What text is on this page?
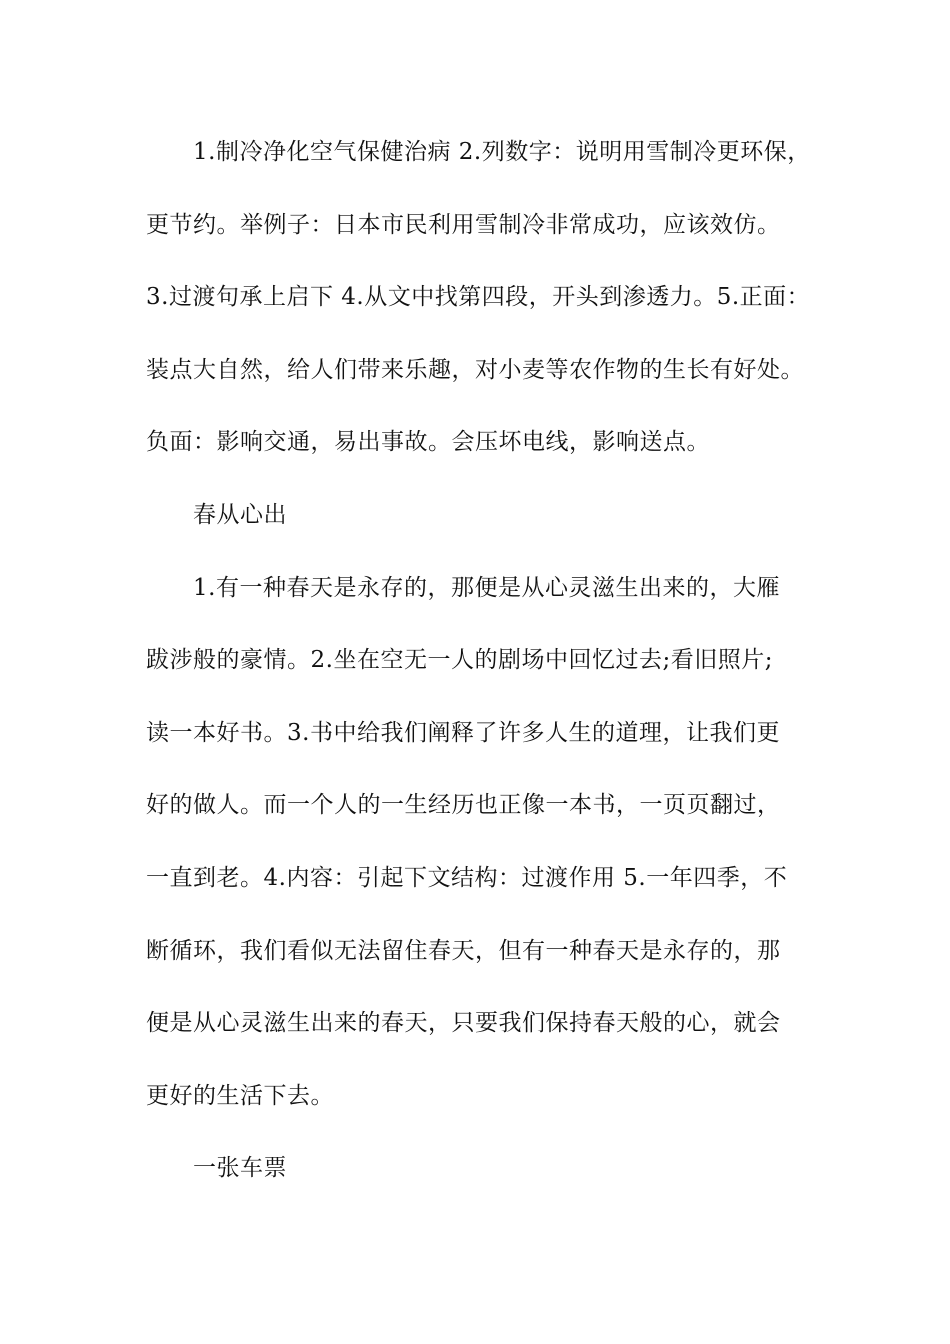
1.制冷净化空气保健治病 2.列数字：说明用雪制冷更环保，
更节约。举例子：日本市民利用雪制冷非常成功，应该效仿。
3.过渡句承上启下 4.从文中找第四段，开头到渗透力。5.正面：
装点大自然，给人们带来乐趣，对小麦等农作物的生长有好处。
负面：影响交通，易出事故。会压坏电线，影响送点。
春从心出
1.有一种春天是永存的，那便是从心灵滋生出来的，大雁
跋涉般的豪情。2.坐在空无一人的剧场中回忆过去;看旧照片;
读一本好书。3.书中给我们阐释了许多人生的道理，让我们更
好的做人。而一个人的一生经历也正像一本书，一页页翻过，
一直到老。4.内容：引起下文结构：过渡作用 5.一年四季，不
断循环，我们看似无法留住春天，但有一种春天是永存的，那
便是从心灵滋生出来的春天，只要我们保持春天般的心，就会
更好的生活下去。
一张车票
